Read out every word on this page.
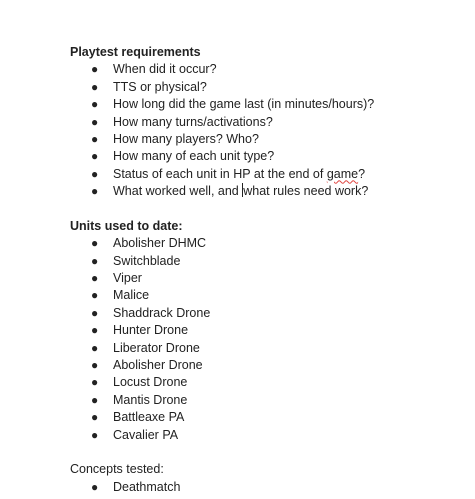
Playtest requirements
● When did it occur?
● TTS or physical?
● How long did the game last (in minutes/hours)?
● How many turns/activations?
● How many players? Who?
● How many of each unit type?
● Status of each unit in HP at the end of game?
● What worked well, and what rules need work?
Units used to date:
● Abolisher DHMC
● Switchblade
● Viper
● Malice
● Shaddrack Drone
● Hunter Drone
● Liberator Drone
● Abolisher Drone
● Locust Drone
● Mantis Drone
● Battleaxe PA
● Cavalier PA
Concepts tested:
● Deathmatch
